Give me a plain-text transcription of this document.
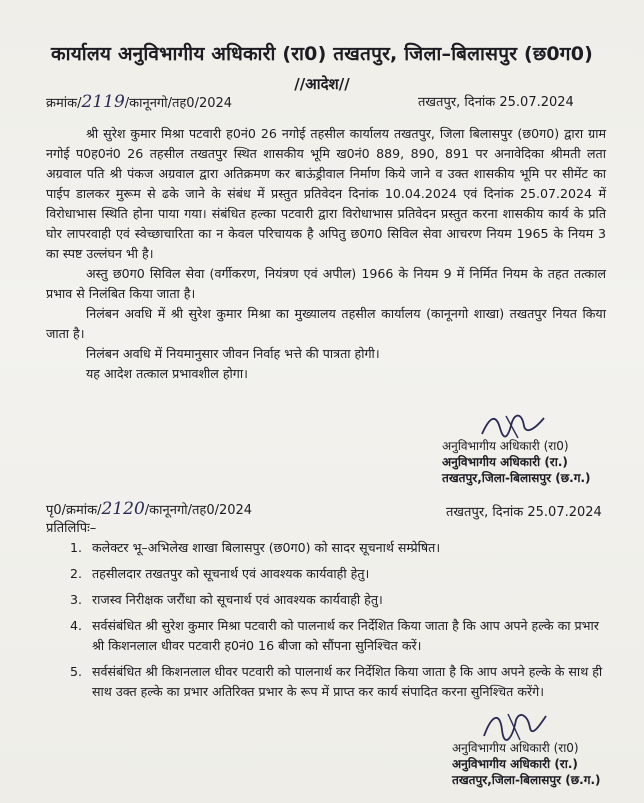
कार्यालय अनुविभागीय अधिकारी (रा0) तखतपुर, जिला–बिलासपुर (छ0ग0)
//आदेश//
क्रमांक/2119/कानूनगो/तह0/2024	तखतपुर, दिनांक 25.07.2024

श्री सुरेश कुमार मिश्रा पटवारी ह0नं0 26 नगोई तहसील कार्यालय तखतपुर, जिला बिलासपुर (छ0ग0) द्वारा ग्राम नगोई प0ह0नं0 26 तहसील तखतपुर स्थित शासकीय भूमि ख0नं0 889, 890, 891 पर अनावेदिका श्रीमती लता अग्रवाल पति श्री पंकज अग्रवाल द्वारा अतिक्रमण कर बाऊंड्रीवाल निर्माण किये जाने व उक्त शासकीय भूमि पर सीमेंट का पाईप डालकर मुरूम से ढके जाने के संबंध में प्रस्तुत प्रतिवेदन दिनांक 10.04.2024 एवं दिनांक 25.07.2024 में विरोधाभास स्थिति होना पाया गया। संबंधित हल्का पटवारी द्वारा विरोधाभास प्रतिवेदन प्रस्तुत करना शासकीय कार्य के प्रति घोर लापरवाही एवं स्वेच्छाचारिता का न केवल परिचायक है अपितु छ0ग0 सिविल सेवा आचरण नियम 1965 के नियम 3 का स्पष्ट उल्लंघन भी है।

अस्तु छ0ग0 सिविल सेवा (वर्गीकरण, नियंत्रण एवं अपील) 1966 के नियम 9 में निर्मित नियम के तहत तत्काल प्रभाव से निलंबित किया जाता है।

निलंबन अवधि में श्री सुरेश कुमार मिश्रा का मुख्यालय तहसील कार्यालय (कानूनगो शाखा) तखतपुर नियत किया जाता है।

निलंबन अवधि में नियमानुसार जीवन निर्वाह भत्ते की पात्रता होगी।

यह आदेश तत्काल प्रभावशील होगा।

अनुविभागीय अधिकारी (रा0)
अनुविभागीय अधिकारी (रा.)
तखतपुर,जिला-बिलासपुर (छ.ग.)
पृ0/क्रमांक/2120/कानूनगो/तह0/2024	तखतपुर, दिनांक 25.07.2024
प्रतिलिपिः–
1. कलेक्टर भू–अभिलेख शाखा बिलासपुर (छ0ग0) को सादर सूचनार्थ सम्प्रेषित।
2. तहसीलदार तखतपुर को सूचनार्थ एवं आवश्यक कार्यवाही हेतु।
3. राजस्व निरीक्षक जरौंधा को सूचनार्थ एवं आवश्यक कार्यवाही हेतु।
4. सर्वसंबंधित श्री सुरेश कुमार मिश्रा पटवारी को पालनार्थ कर निर्देशित किया जाता है कि आप अपने हल्के का प्रभार श्री किशनलाल धीवर पटवारी ह0नं0 16 बीजा को सौंपना सुनिश्चित करें।
5. सर्वसंबंधित श्री किशनलाल धीवर पटवारी को पालनार्थ कर निर्देशित किया जाता है कि आप अपने हल्के के साथ ही साथ उक्त हल्के का प्रभार अतिरिक्त प्रभार के रूप में प्राप्त कर कार्य संपादित करना सुनिश्चित करेंगे।
अनुविभागीय अधिकारी (रा0)
अनुविभागीय अधिकारी (रा.)
तखतपुर,जिला-बिलासपुर (छ.ग.)
